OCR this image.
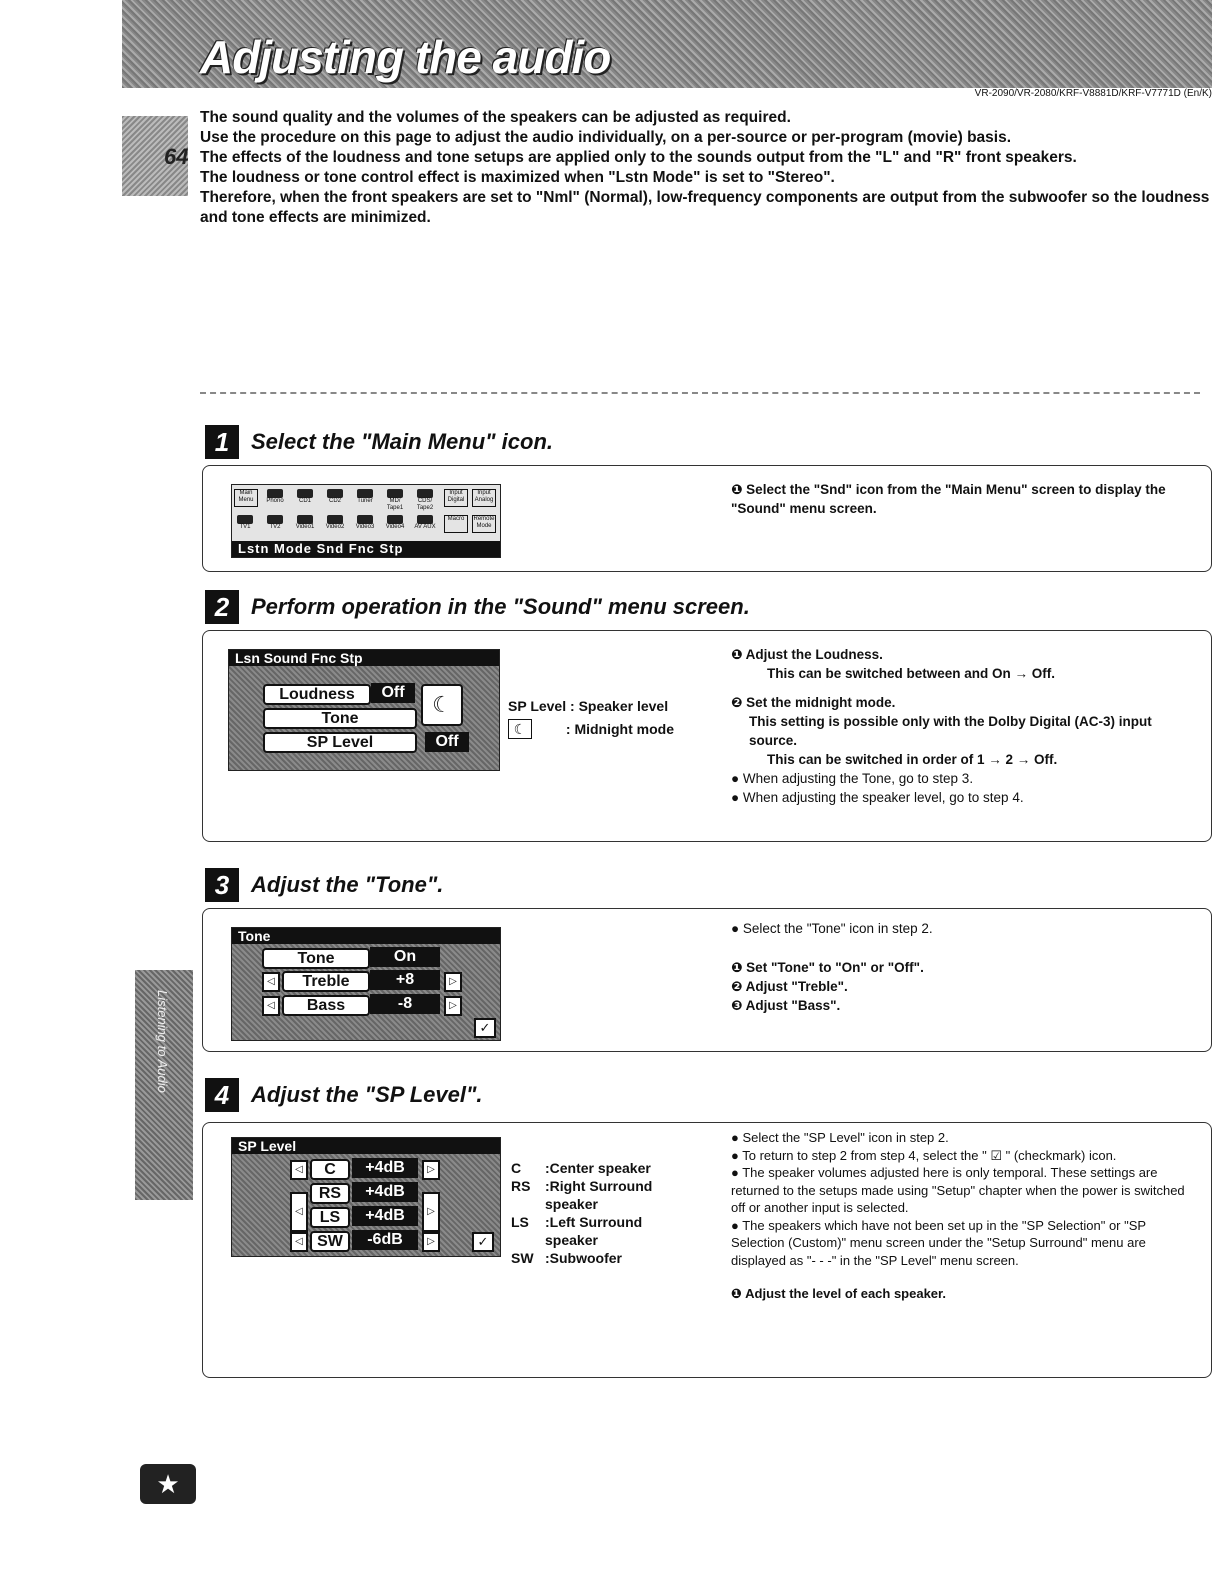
Adjusting the audio
VR-2090/VR-2080/KRF-V8881D/KRF-V7771D (En/K)
64

The sound quality and the volumes of the speakers can be adjusted as required.

Use the procedure on this page to adjust the audio individually, on a per-source or per-program (movie) basis.

The effects of the loudness and tone setups are applied only to the sounds output from the "L" and "R" front speakers.

The loudness or tone control effect is maximized when "Lstn Mode" is set to "Stereo".

Therefore, when the front speakers are set to "Nml" (Normal), low-frequency components are output from the subwoofer so the loudness and tone effects are minimized.

1 Select the "Main Menu" icon.
Main Menu	Phono	CD1	CD2	Tuner	MD/ Tape1
CDS/ Tape2
Input Digital
Input Analog
TV1	TV2	Video1 Video2 Video3 Video4 AV AUX
Macro	Remote Mode
Lstn Mode Snd Fnc Stp

❶ Select the "Snd" icon from the "Main Menu" screen to display the "Sound" menu screen.

2 Perform operation in the "Sound" menu screen.
Lsn Sound Fnc Stp
Loudness	Off	☾
Tone
SP Level	Off
SP Level : Speaker level
☾	: Midnight mode

❶ Adjust the Loudness.

This can be switched between and On → Off.

❷ Set the midnight mode.

This setting is possible only with the Dolby Digital (AC-3) input source.

This can be switched in order of 1 → 2 → Off.

● When adjusting the Tone, go to step 3.

● When adjusting the speaker level, go to step 4.

3 Adjust the "Tone".
Tone
Tone	On
◁	Treble	+8	▷
◁	Bass	-8	▷
✓

● Select the "Tone" icon in step 2.

❶ Set "Tone" to "On" or "Off".

❷ Adjust "Treble".

❸ Adjust "Bass".

4 Adjust the "SP Level".
SP Level
◁	C	+4dB	▷
◁
RS	+4dB
LS	+4dB	▷
◁ SW	-6dB	▷	✓
C	:Center speaker
RS	:Right Surround speaker
LS	:Left Surround speaker
SW :Subwoofer

● Select the "SP Level" icon in step 2.

● To return to step 2 from step 4, select the " ☑ " (checkmark) icon.

● The speaker volumes adjusted here is only temporal. These settings are returned to the setups made using "Setup" chapter when the power is switched off or another input is selected.

● The speakers which have not been set up in the "SP Selection" or "SP Selection (Custom)" menu screen under the "Setup Surround" menu are displayed as "- - -" in the "SP Level" menu screen.

❶ Adjust the level of each speaker.

Listening to Audio
★
